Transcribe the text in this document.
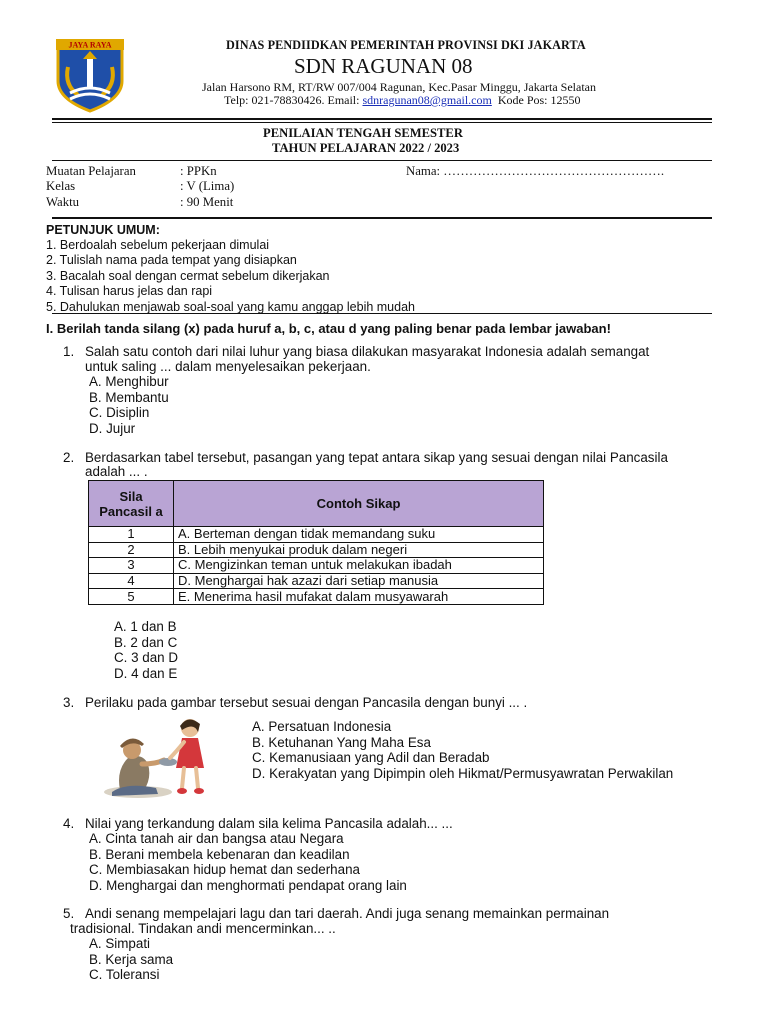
JAYA RAYA	DINAS PENDIIDKAN PEMERINTAH PROVINSI DKI JAKARTA
SDN RAGUNAN 08
Jalan Harsono RM, RT/RW 007/004 Ragunan, Kec.Pasar Minggu, Jakarta Selatan
Telp: 021-78830426. Email: sdnragunan08@gmail.com Kode Pos: 12550
PENILAIAN TENGAH SEMESTER
TAHUN PELAJARAN 2022 / 2023
Muatan Pelajaran	: PPKn	Nama: …………………………………………….
Kelas	: V (Lima)
Waktu	: 90 Menit
PETUNJUK UMUM:
1. Berdoalah sebelum pekerjaan dimulai
2. Tulislah nama pada tempat yang disiapkan
3. Bacalah soal dengan cermat sebelum dikerjakan
4. Tulisan harus jelas dan rapi
5. Dahulukan menjawab soal-soal yang kamu anggap lebih mudah
I. Berilah tanda silang (x) pada huruf a, b, c, atau d yang paling benar pada lembar jawaban!
1. Salah satu contoh dari nilai luhur yang biasa dilakukan masyarakat Indonesia adalah semangat
untuk saling ... dalam menyelesaikan pekerjaan.
A. Menghibur
B. Membantu
C. Disiplin
D. Jujur
2. Berdasarkan tabel tersebut, pasangan yang tepat antara sikap yang sesuai dengan nilai Pancasila
adalah ... .
Sila Pancasil a	Contoh Sikap
1	A. Berteman dengan tidak memandang suku
2	B. Lebih menyukai produk dalam negeri
3	C. Mengizinkan teman untuk melakukan ibadah
4	D. Menghargai hak azazi dari setiap manusia
5	E. Menerima hasil mufakat dalam musyawarah
A. 1 dan B
B. 2 dan C
C. 3 dan D
D. 4 dan E
3. Perilaku pada gambar tersebut sesuai dengan Pancasila dengan bunyi ... .
A. Persatuan Indonesia
B. Ketuhanan Yang Maha Esa
C. Kemanusiaan yang Adil dan Beradab
D. Kerakyatan yang Dipimpin oleh Hikmat/Permusyawratan Perwakilan
4. Nilai yang terkandung dalam sila kelima Pancasila adalah... ...
A. Cinta tanah air dan bangsa atau Negara
B. Berani membela kebenaran dan keadilan
C. Membiasakan hidup hemat dan sederhana
D. Menghargai dan menghormati pendapat orang lain
5. Andi senang mempelajari lagu dan tari daerah. Andi juga senang memainkan permainan
tradisional. Tindakan andi mencerminkan... ..
A. Simpati
B. Kerja sama
C. Toleransi
